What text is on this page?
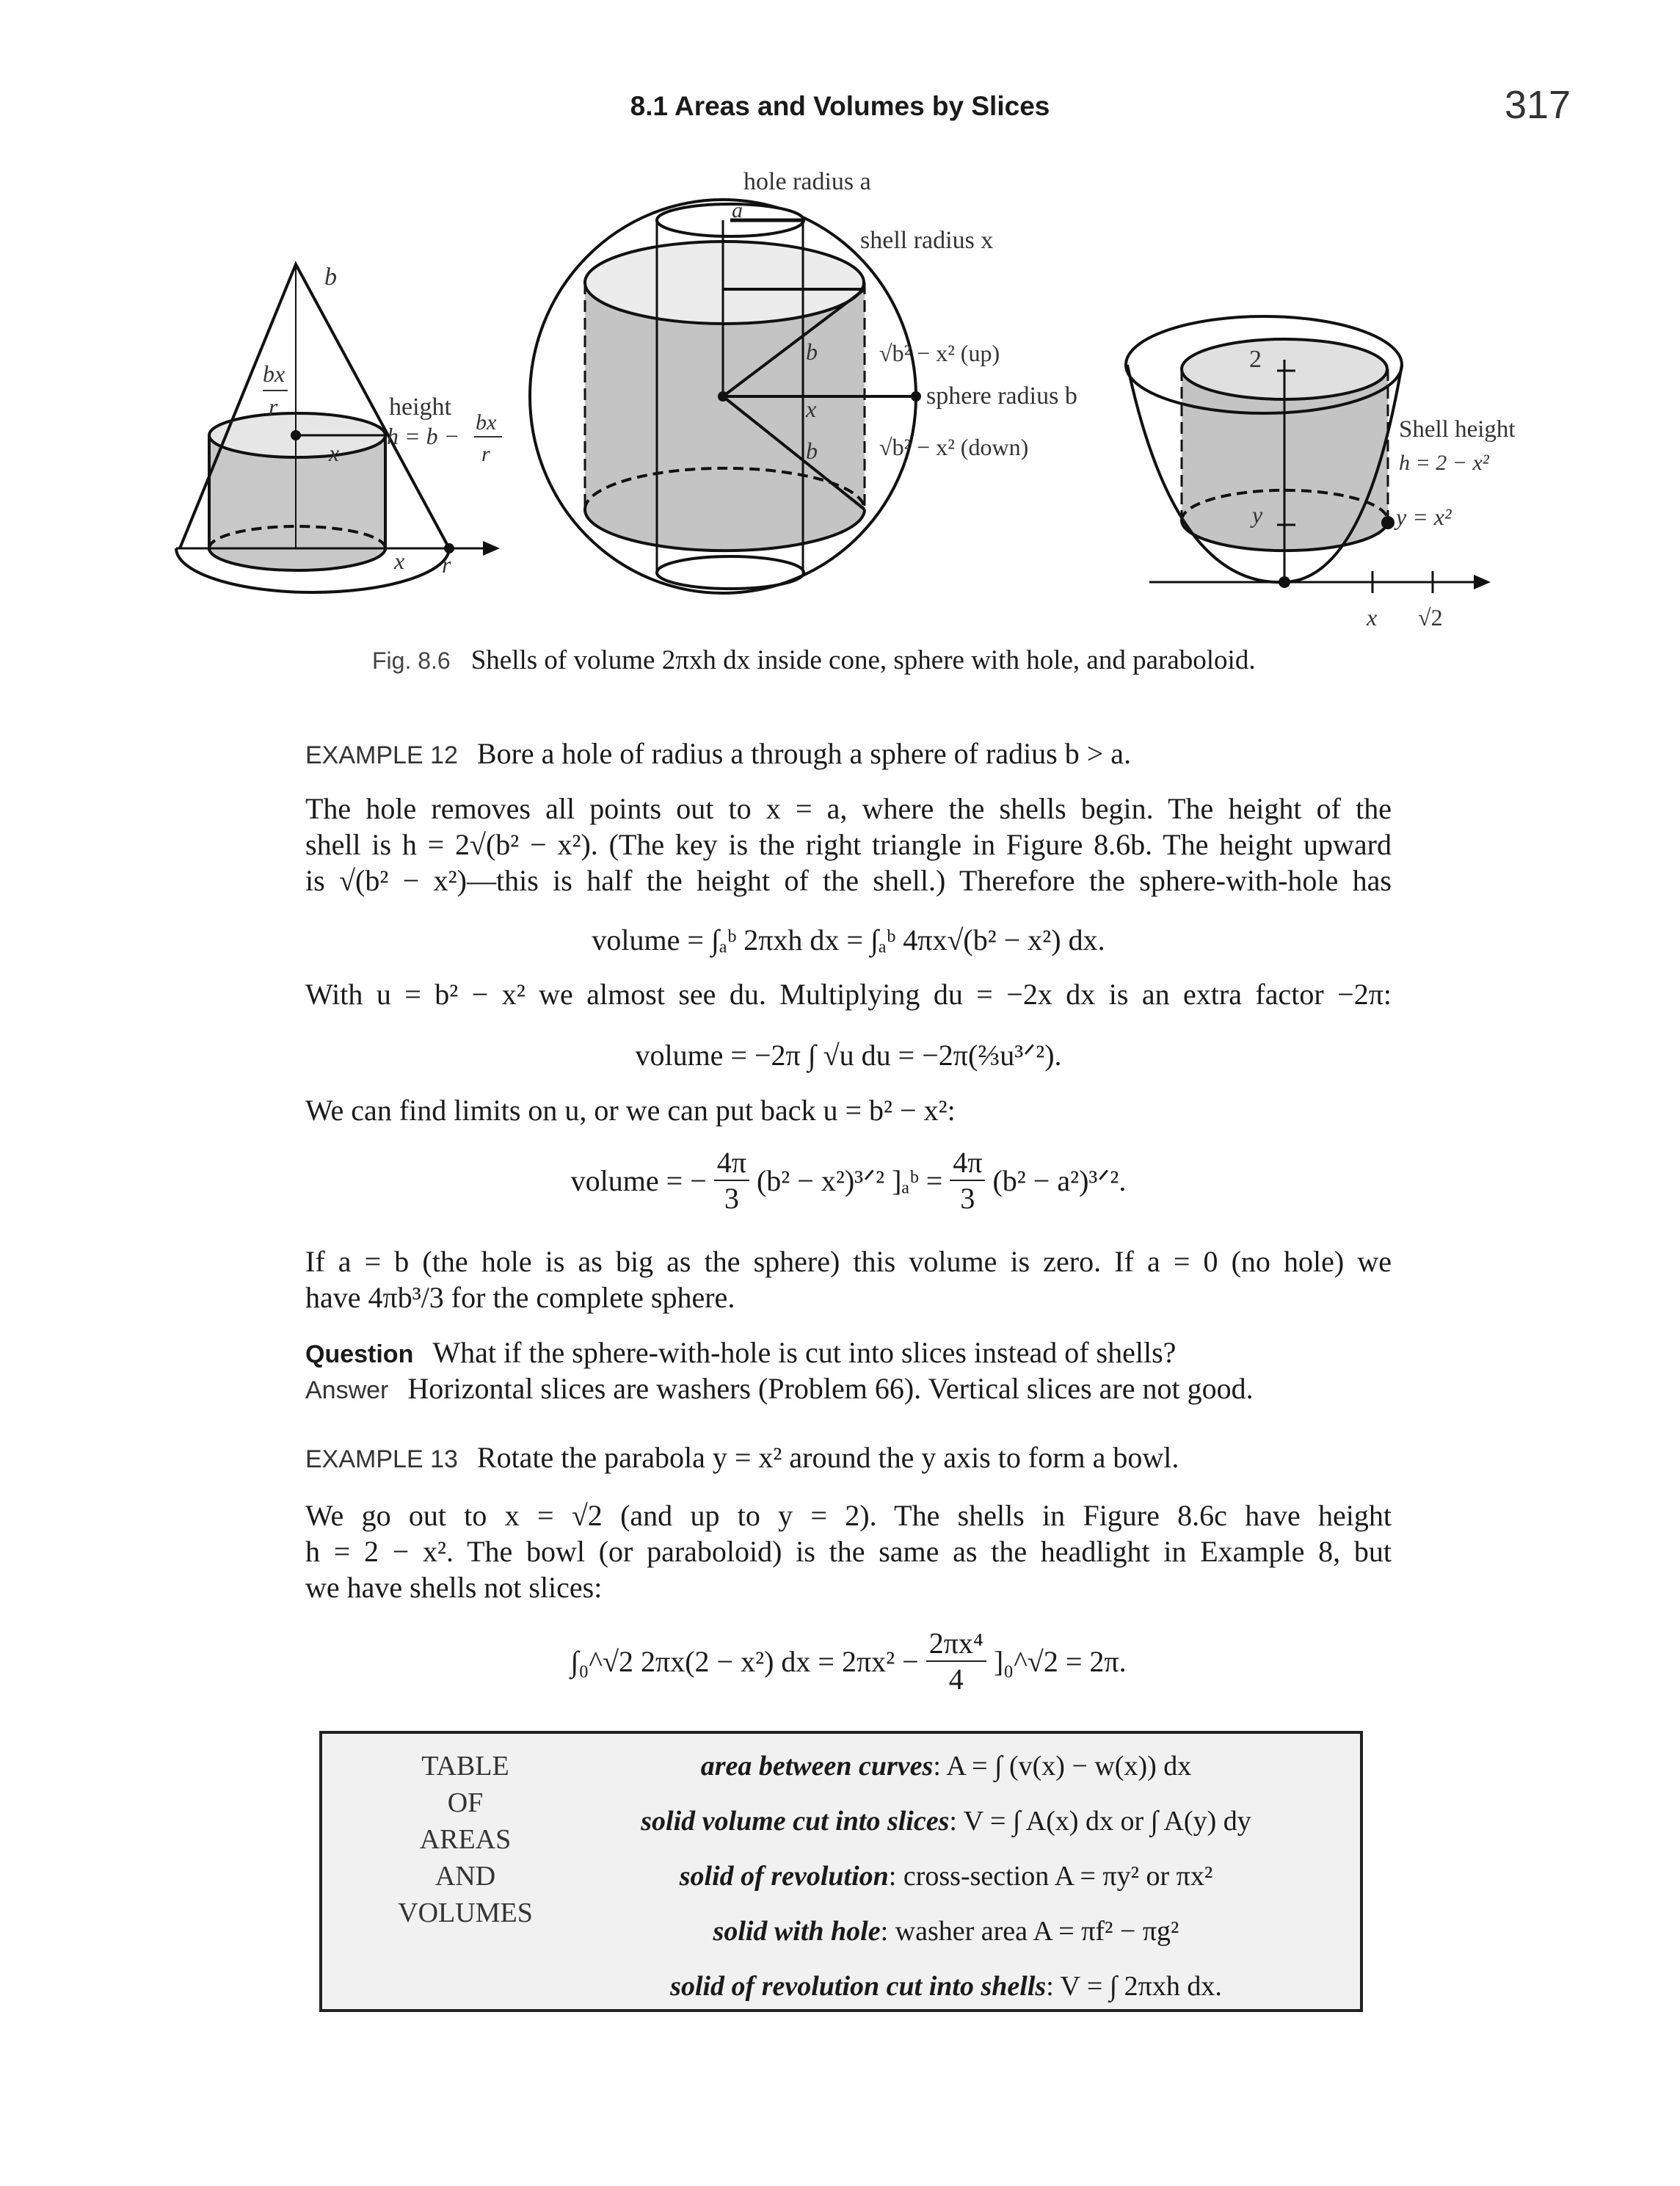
8.1 Areas and Volumes by Slices	317
b
bx
r	height
h = b −
bx
r
x
x r
hole radius a
a
shell radius x
b	√b² − x² (up)
sphere radius b
x
b	√b² − x² (down)
2
y
Shell height
h = 2 − x²
y = x²
x √2
Fig. 8.6 Shells of volume 2πxh dx inside cone, sphere with hole, and paraboloid.
EXAMPLE 12 Bore a hole of radius a through a sphere of radius b > a.
The hole removes all points out to x = a, where the shells begin. The height of the
shell is h = 2√(b² − x²). (The key is the right triangle in Figure 8.6b. The height upward
is √(b² − x²)—this is half the height of the shell.) Therefore the sphere-with-hole has
volume = ∫ₐᵇ 2πxh dx = ∫ₐᵇ 4πx√(b² − x²) dx.
With u = b² − x² we almost see du. Multiplying du = −2x dx is an extra factor −2π:
volume = −2π ∫ √u du = −2π(⅔u³ᐟ²).
We can find limits on u, or we can put back u = b² − x²:
volume = − $\frac{4\pi}{3} (b^2$ − x²)³ᐟ² ]ₐᵇ = $\frac{4\pi}{3} (b^2$ − a²)³ᐟ².
If a = b (the hole is as big as the sphere) this volume is zero. If a = 0 (no hole) we
have 4πb³/3 for the complete sphere.
Question What if the sphere-with-hole is cut into slices instead of shells?
Answer Horizontal slices are washers (Problem 66). Vertical slices are not good.
EXAMPLE 13 Rotate the parabola y = x² around the y axis to form a bowl.
We go out to x = √2 (and up to y = 2). The shells in Figure 8.6c have height
h = 2 − x². The bowl (or paraboloid) is the same as the headlight in Example 8, but
we have shells not slices:
∫₀^√2 2πx(2 − x²) dx = $2\pi x^2 - \frac{\text{2πx⁴}}{4}$ ]₀^√2 = 2π.
TABLE
OF
AREAS
AND
VOLUMES
area between curves: A = ∫ (v(x) − w(x)) dx
solid volume cut into slices: V = ∫ A(x) dx or ∫ A(y) dy
solid of revolution: cross-section A = πy² or πx²
solid with hole: washer area A = πf² − πg²
solid of revolution cut into shells: V = ∫ 2πxh dx.
